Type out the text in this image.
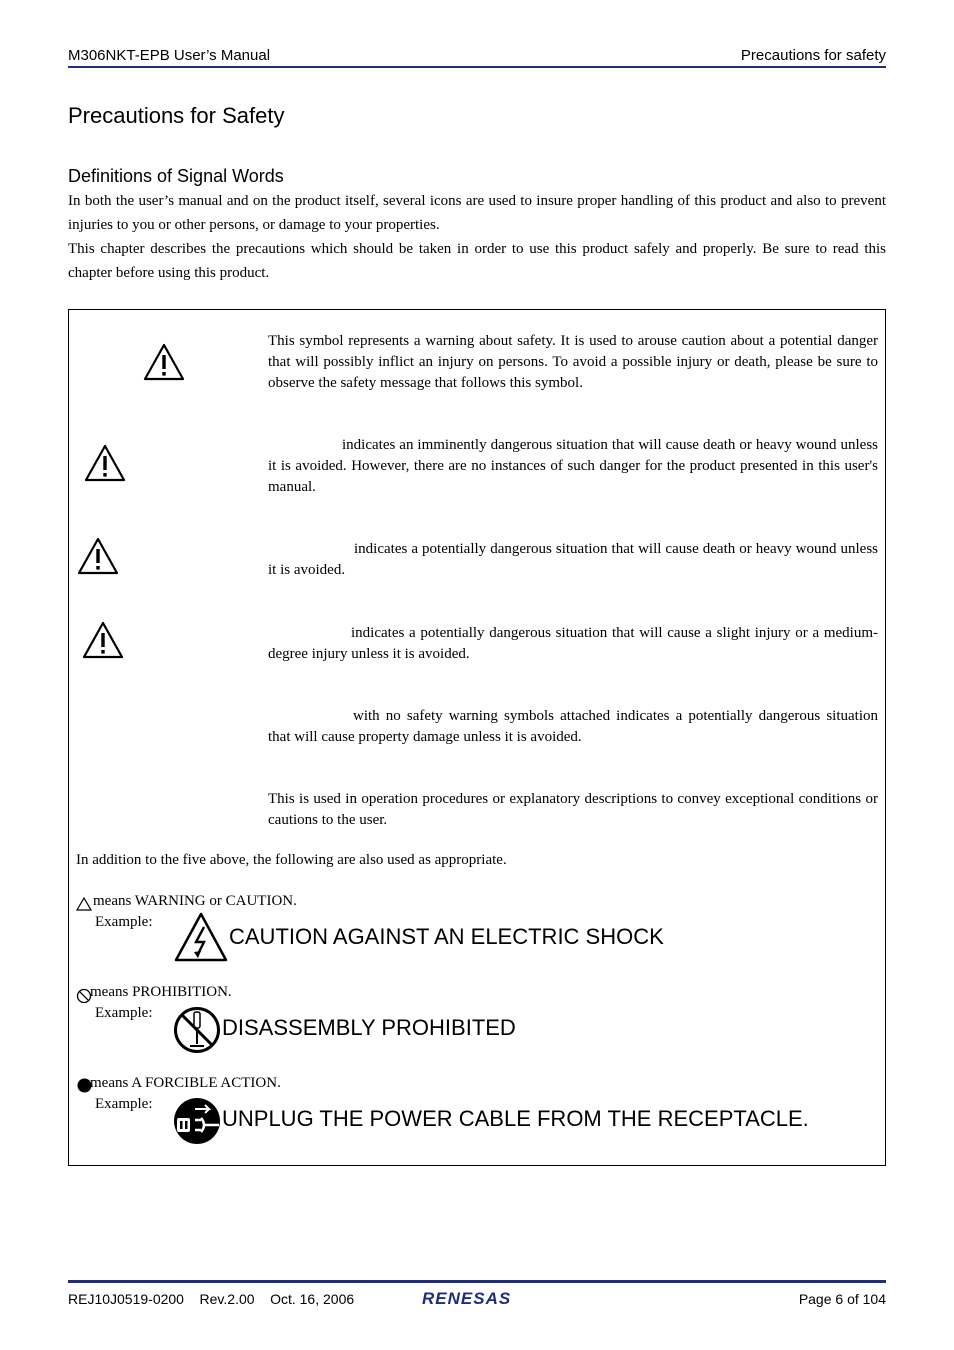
M306NKT-EPB User’s Manual	Precautions for safety
Precautions for Safety
Definitions of Signal Words
In both the user’s manual and on the product itself, several icons are used to insure proper handling of this product and also to prevent injuries to you or other persons, or damage to your properties.
This chapter describes the precautions which should be taken in order to use this product safely and properly. Be sure to read this chapter before using this product.
This symbol represents a warning about safety. It is used to arouse caution about a potential danger that will possibly inflict an injury on persons. To avoid a possible injury or death, please be sure to observe the safety message that follows this symbol.
indicates an imminently dangerous situation that will cause death or heavy wound unless it is avoided. However, there are no instances of such danger for the product presented in this user's manual.
indicates a potentially dangerous situation that will cause death or heavy wound unless it is avoided.
indicates a potentially dangerous situation that will cause a slight injury or a medium-degree injury unless it is avoided.
with no safety warning symbols attached indicates a potentially dangerous situation that will cause property damage unless it is avoided.
This is used in operation procedures or explanatory descriptions to convey exceptional conditions or cautions to the user.
In addition to the five above, the following are also used as appropriate.
means WARNING or CAUTION.
Example:
CAUTION AGAINST AN ELECTRIC SHOCK
means PROHIBITION.
Example:
DISASSEMBLY PROHIBITED
means A FORCIBLE ACTION.
Example:
UNPLUG THE POWER CABLE FROM THE RECEPTACLE.
REJ10J0519-0200    Rev.2.00    Oct. 16, 2006	RENESAS	Page 6 of 104
